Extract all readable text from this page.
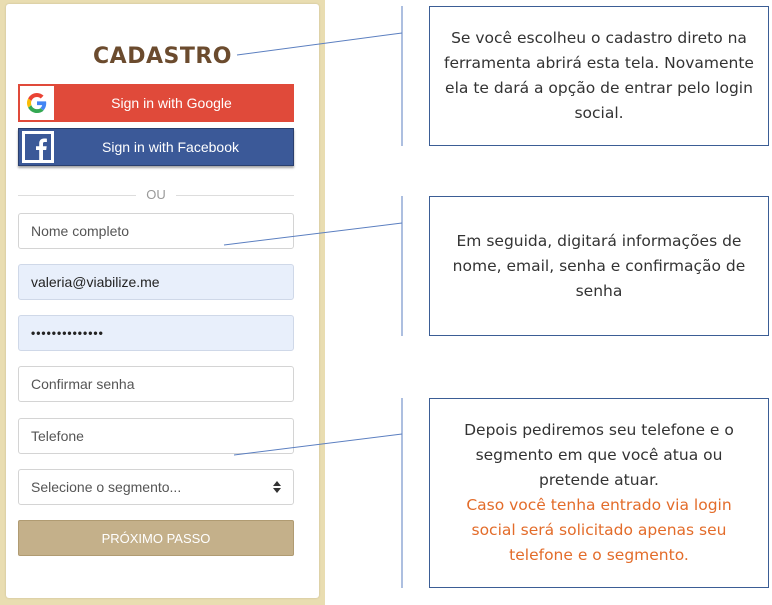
CADASTRO
Sign in with Google
Sign in with Facebook
OU
Nome completo
valeria@viabilize.me
••••••••••••••
Confirmar senha
Telefone
Selecione o segmento...
PRÓXIMO PASSO
Se você escolheu o cadastro direto na ferramenta abrirá esta tela. Novamente ela te dará a opção de entrar pelo login social.
Em seguida, digitará informações de nome, email, senha e confirmação de senha
Depois pediremos seu telefone e o segmento em que você atua ou pretende atuar.
Caso você tenha entrado via login social será solicitado apenas seu telefone e o segmento.
